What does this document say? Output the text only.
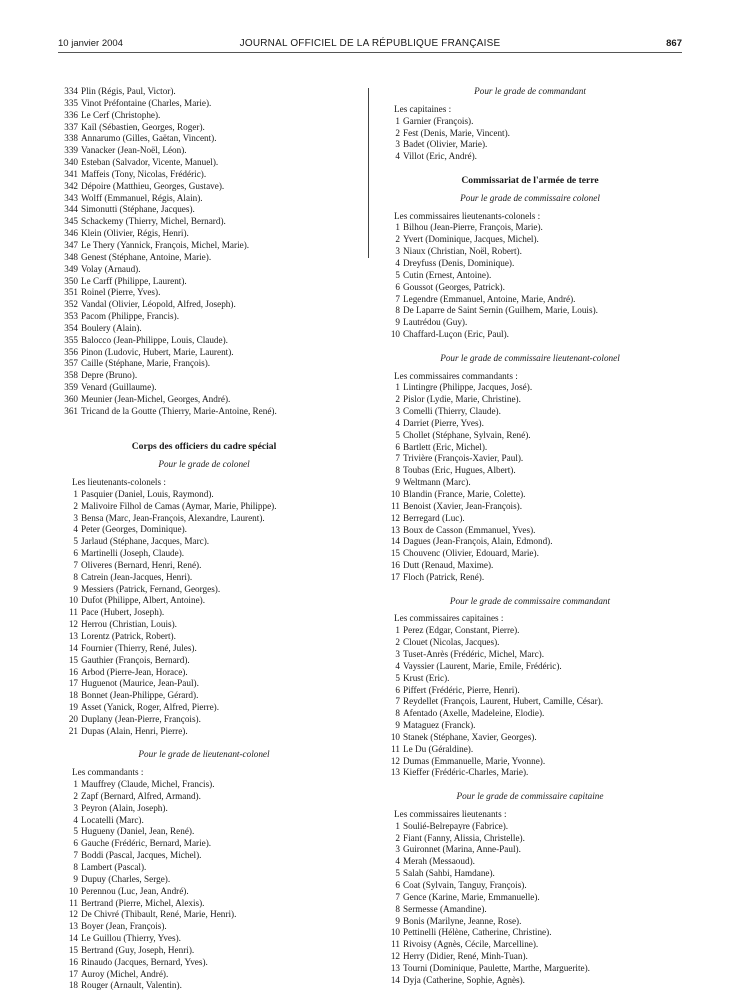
10 janvier 2004	JOURNAL OFFICIEL DE LA RÉPUBLIQUE FRANÇAISE	867
334 Plin (Régis, Paul, Victor).
335 Vinot Préfontaine (Charles, Marie).
336 Le Cerf (Christophe).
337 Kaïl (Sébastien, Georges, Roger).
338 Annarumo (Gilles, Gaëtan, Vincent).
339 Vanacker (Jean-Noël, Léon).
340 Esteban (Salvador, Vicente, Manuel).
341 Maffeis (Tony, Nicolas, Frédéric).
342 Dépoire (Matthieu, Georges, Gustave).
343 Wolff (Emmanuel, Régis, Alain).
344 Simonutti (Stéphane, Jacques).
345 Schackemy (Thierry, Michel, Bernard).
346 Klein (Olivier, Régis, Henri).
347 Le Thery (Yannick, François, Michel, Marie).
348 Genest (Stéphane, Antoine, Marie).
349 Volay (Arnaud).
350 Le Carff (Philippe, Laurent).
351 Roinel (Pierre, Yves).
352 Vandal (Olivier, Léopold, Alfred, Joseph).
353 Pacom (Philippe, Francis).
354 Boulery (Alain).
355 Balocco (Jean-Philippe, Louis, Claude).
356 Pinon (Ludovic, Hubert, Marie, Laurent).
357 Caille (Stéphane, Marie, François).
358 Depre (Bruno).
359 Venard (Guillaume).
360 Meunier (Jean-Michel, Georges, André).
361 Tricand de la Goutte (Thierry, Marie-Antoine, René).
Corps des officiers du cadre spécial
Pour le grade de colonel
Les lieutenants-colonels :
1 Pasquier (Daniel, Louis, Raymond).
2 Malivoire Filhol de Camas (Aymar, Marie, Philippe).
3 Bensa (Marc, Jean-François, Alexandre, Laurent).
4 Peter (Georges, Dominique).
5 Jarlaud (Stéphane, Jacques, Marc).
6 Martinelli (Joseph, Claude).
7 Oliveres (Bernard, Henri, René).
8 Catrein (Jean-Jacques, Henri).
9 Messiers (Patrick, Fernand, Georges).
10 Dufot (Philippe, Albert, Antoine).
11 Pace (Hubert, Joseph).
12 Herrou (Christian, Louis).
13 Lorentz (Patrick, Robert).
14 Fournier (Thierry, René, Jules).
15 Gauthier (François, Bernard).
16 Arbod (Pierre-Jean, Horace).
17 Huguenot (Maurice, Jean-Paul).
18 Bonnet (Jean-Philippe, Gérard).
19 Asset (Yanick, Roger, Alfred, Pierre).
20 Duplany (Jean-Pierre, François).
21 Dupas (Alain, Henri, Pierre).
Pour le grade de lieutenant-colonel
Les commandants :
1 Mauffrey (Claude, Michel, Francis).
2 Zapf (Bernard, Alfred, Armand).
3 Peyron (Alain, Joseph).
4 Locatelli (Marc).
5 Hugueny (Daniel, Jean, René).
6 Gauche (Frédéric, Bernard, Marie).
7 Boddi (Pascal, Jacques, Michel).
8 Lambert (Pascal).
9 Dupuy (Charles, Serge).
10 Perennou (Luc, Jean, André).
11 Bertrand (Pierre, Michel, Alexis).
12 De Chivré (Thibault, René, Marie, Henri).
13 Boyer (Jean, François).
14 Le Guillou (Thierry, Yves).
15 Bertrand (Guy, Joseph, Henri).
16 Rinaudo (Jacques, Bernard, Yves).
17 Auroy (Michel, André).
18 Rouger (Arnault, Valentin).
Pour le grade de commandant
Les capitaines :
1 Garnier (François).
2 Fest (Denis, Marie, Vincent).
3 Badet (Olivier, Marie).
4 Villot (Eric, André).
Commissariat de l'armée de terre
Pour le grade de commissaire colonel
Les commissaires lieutenants-colonels :
1 Bilhou (Jean-Pierre, François, Marie).
2 Yvert (Dominique, Jacques, Michel).
3 Niaux (Christian, Noël, Robert).
4 Dreyfuss (Denis, Dominique).
5 Cutin (Ernest, Antoine).
6 Goussot (Georges, Patrick).
7 Legendre (Emmanuel, Antoine, Marie, André).
8 De Laparre de Saint Sernin (Guilhem, Marie, Louis).
9 Lautrédou (Guy).
10 Chaffard-Luçon (Eric, Paul).
Pour le grade de commissaire lieutenant-colonel
Les commissaires commandants :
1 Lintingre (Philippe, Jacques, José).
2 Pislor (Lydie, Marie, Christine).
3 Comelli (Thierry, Claude).
4 Darriet (Pierre, Yves).
5 Chollet (Stéphane, Sylvain, René).
6 Bartlett (Eric, Michel).
7 Trivière (François-Xavier, Paul).
8 Toubas (Eric, Hugues, Albert).
9 Weltmann (Marc).
10 Blandin (France, Marie, Colette).
11 Benoist (Xavier, Jean-François).
12 Berregard (Luc).
13 Boux de Casson (Emmanuel, Yves).
14 Dagues (Jean-François, Alain, Edmond).
15 Chouvenc (Olivier, Edouard, Marie).
16 Dutt (Renaud, Maxime).
17 Floch (Patrick, René).
Pour le grade de commissaire commandant
Les commissaires capitaines :
1 Perez (Edgar, Constant, Pierre).
2 Clouet (Nicolas, Jacques).
3 Tuset-Anrès (Frédéric, Michel, Marc).
4 Vayssier (Laurent, Marie, Emile, Frédéric).
5 Krust (Eric).
6 Piffert (Frédéric, Pierre, Henri).
7 Reydellet (François, Laurent, Hubert, Camille, César).
8 Afentado (Axelle, Madeleine, Elodie).
9 Mataguez (Franck).
10 Stanek (Stéphane, Xavier, Georges).
11 Le Du (Géraldine).
12 Dumas (Emmanuelle, Marie, Yvonne).
13 Kieffer (Frédéric-Charles, Marie).
Pour le grade de commissaire capitaine
Les commissaires lieutenants :
1 Soulié-Belrepayre (Fabrice).
2 Fiant (Fanny, Alissia, Christelle).
3 Guironnet (Marina, Anne-Paul).
4 Merah (Messaoud).
5 Salah (Sahbi, Hamdane).
6 Coat (Sylvain, Tanguy, François).
7 Gence (Karine, Marie, Emmanuelle).
8 Sermesse (Amandine).
9 Bonis (Marilyne, Jeanne, Rose).
10 Pettinelli (Hélène, Catherine, Christine).
11 Rivoisy (Agnès, Cécile, Marcelline).
12 Herry (Didier, René, Minh-Tuan).
13 Tourni (Dominique, Paulette, Marthe, Marguerite).
14 Dyja (Catherine, Sophie, Agnès).
